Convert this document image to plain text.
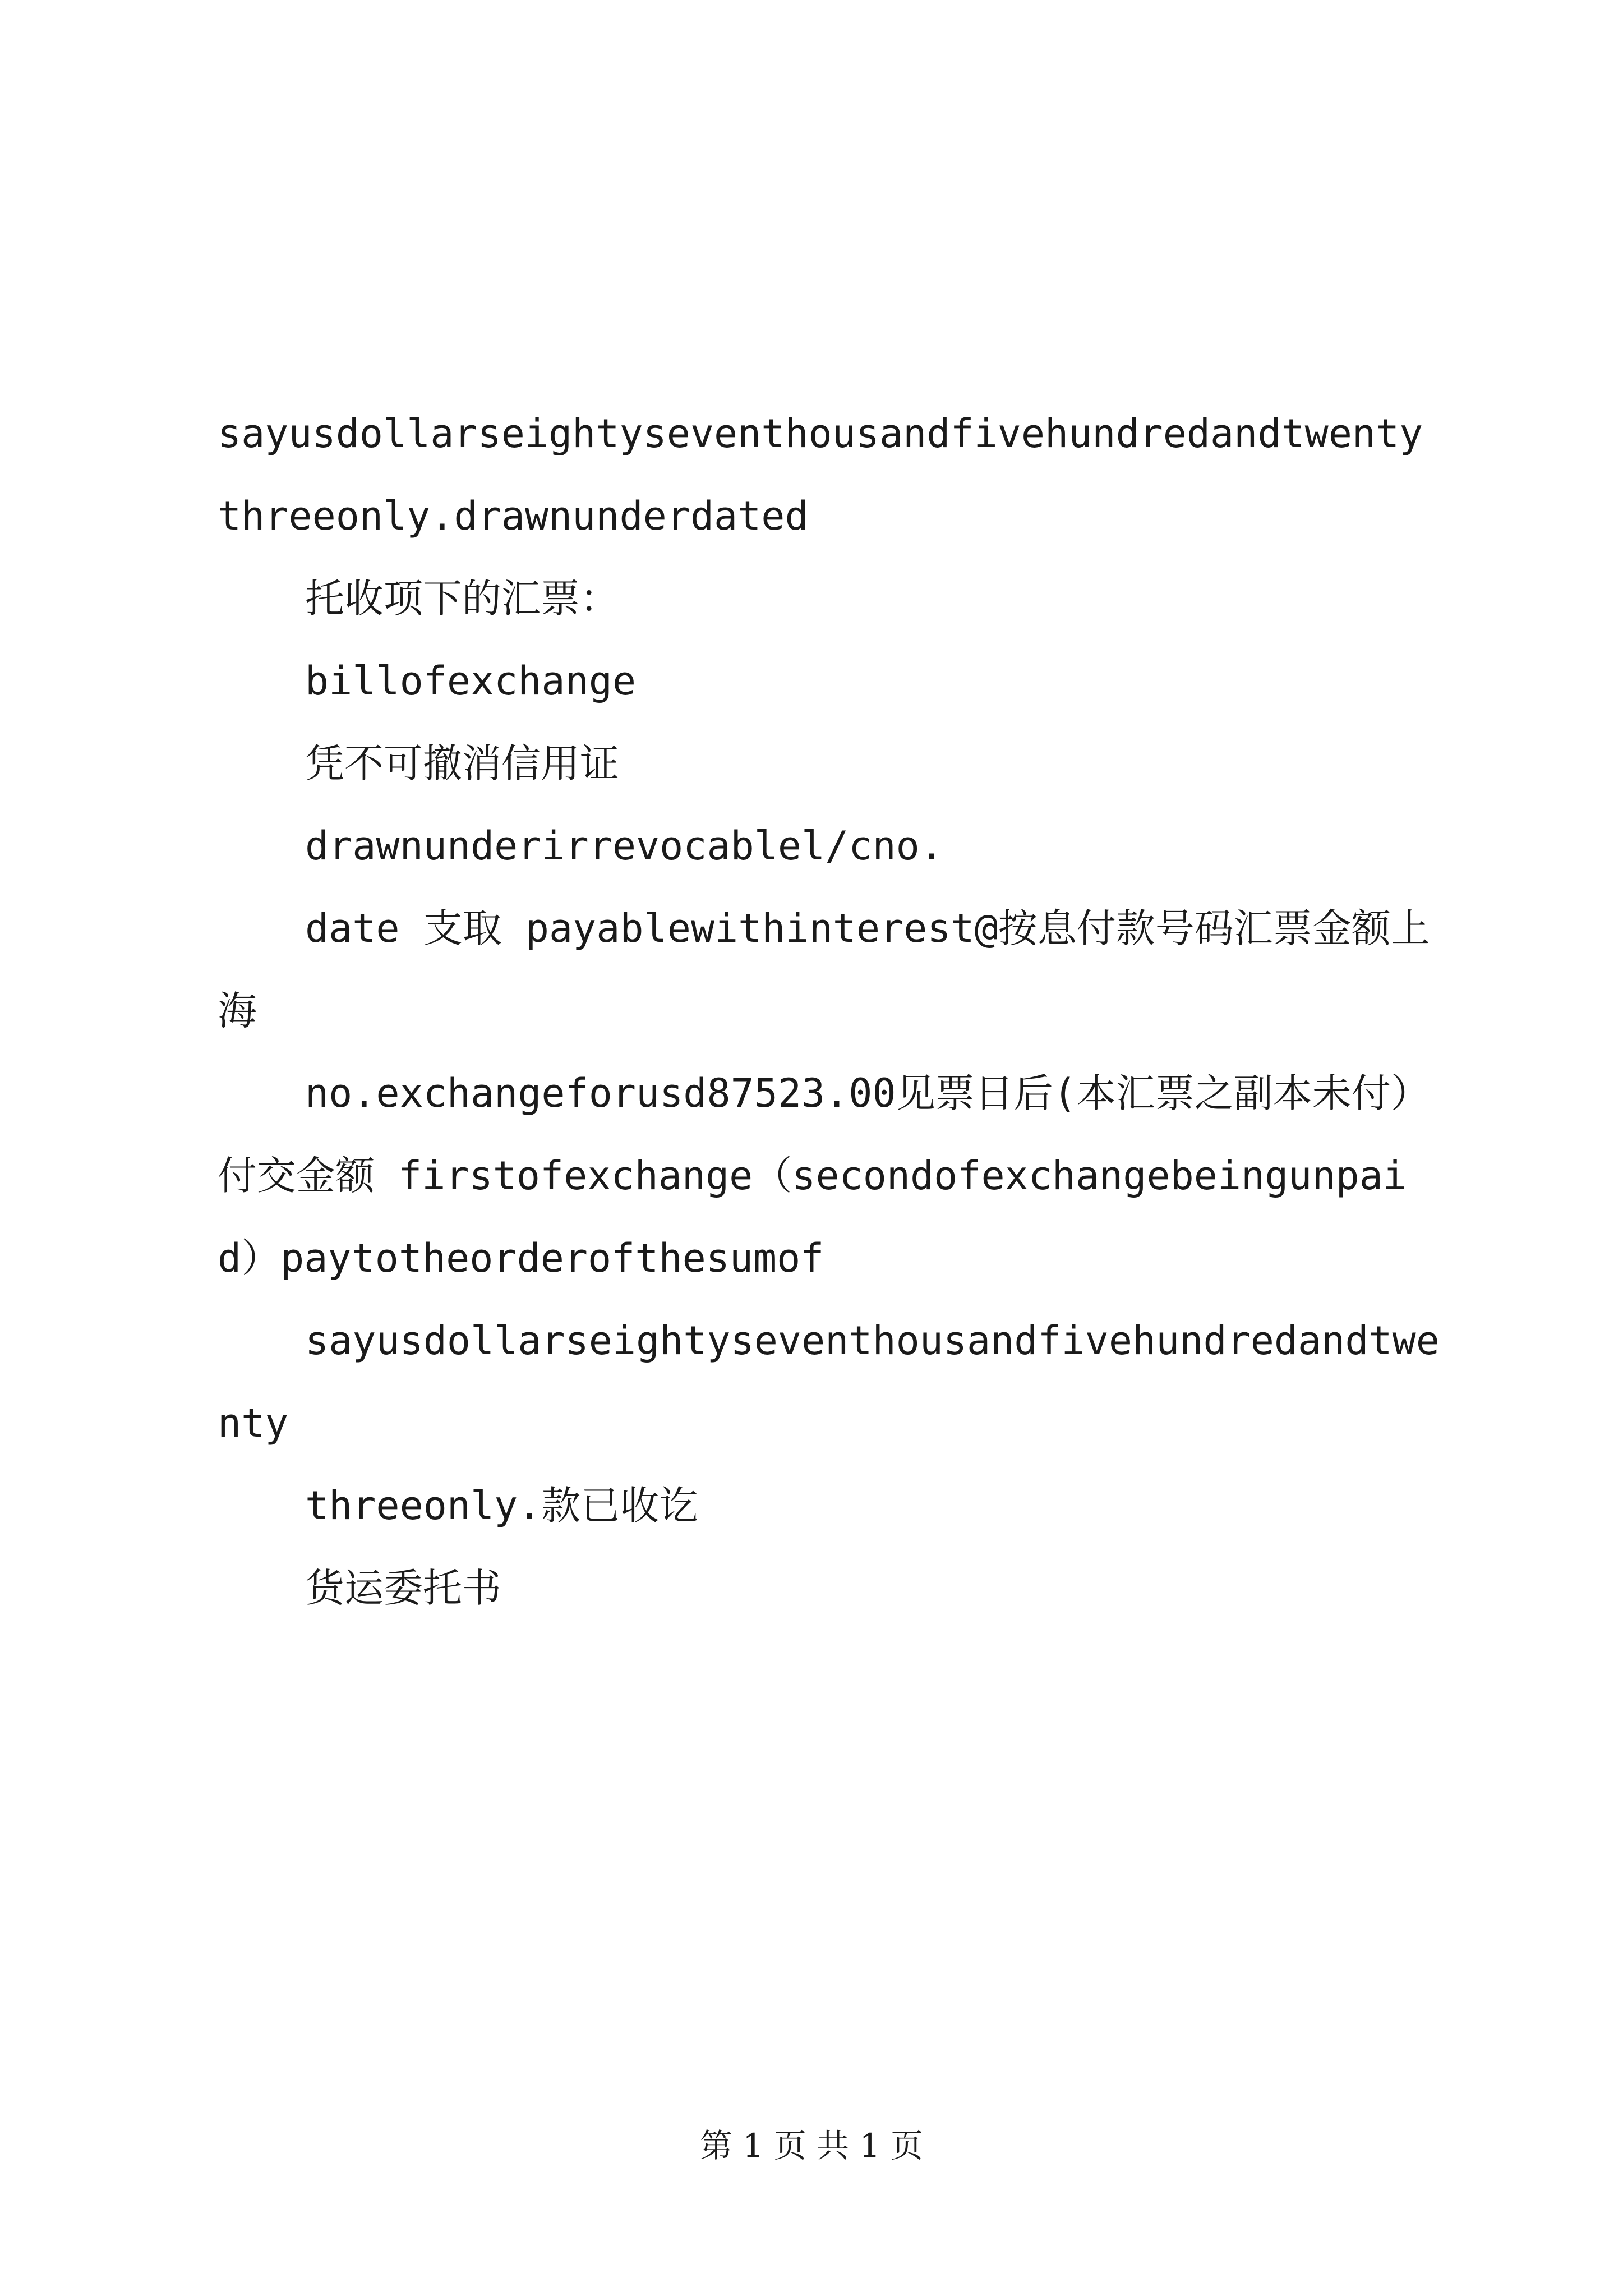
sayusdollarseightyseventhousandfivehundredandtwentythreeonly.drawnunderdated

托收项下的汇票：

billofexchange

凭不可撤消信用证

drawnunderirrevocablel/cno.

date 支取 payablewithinterest@按息付款号码汇票金额上海

no.exchangeforusd87523.00见票日后(本汇票之副本未付）付交金额 firstofexchange（secondofexchangebeingunpaid）paytotheorderofthesumof

sayusdollarseightyseventhousandfivehundredandtwenty

threeonly.款已收讫

货运委托书

第 1 页 共 1 页
